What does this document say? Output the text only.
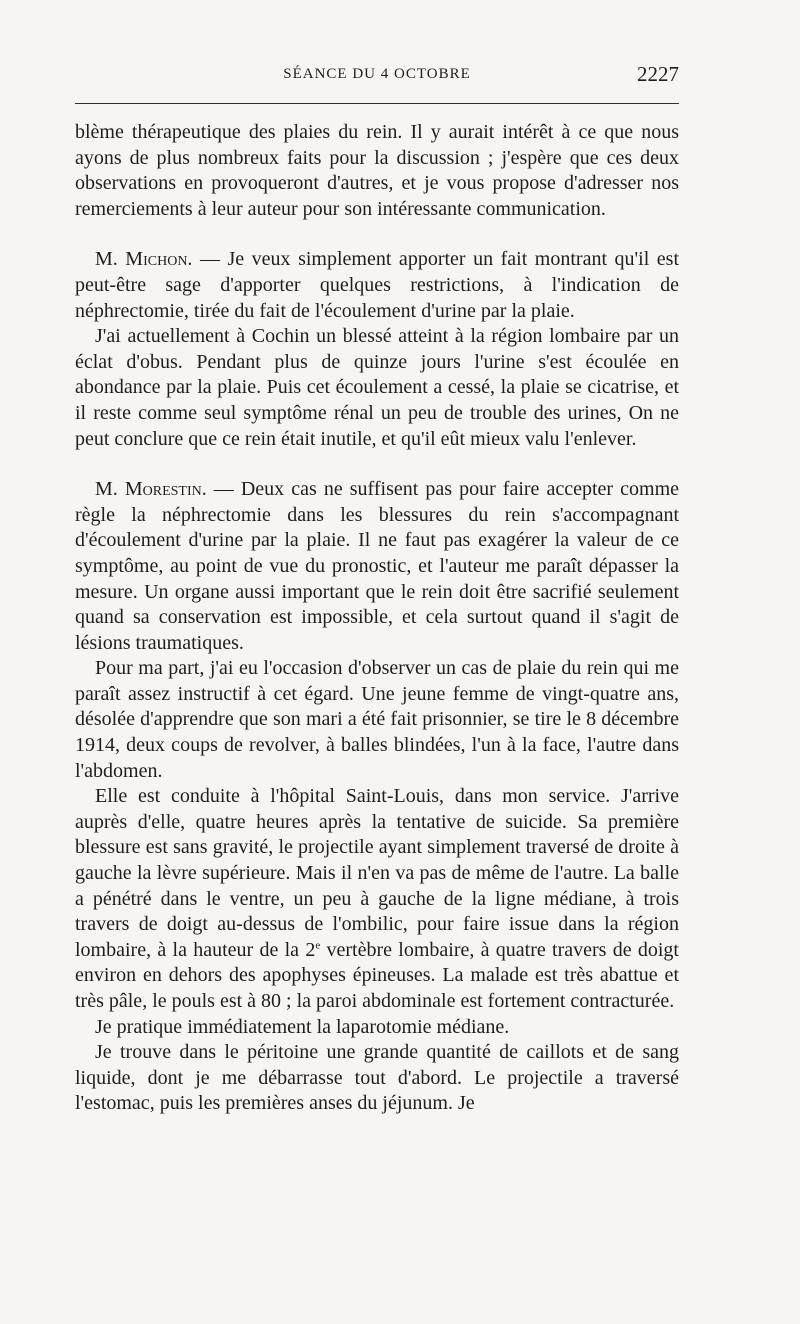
SÉANCE DU 4 OCTOBRE	2227

blème thérapeutique des plaies du rein. Il y aurait intérêt à ce que nous ayons de plus nombreux faits pour la discussion ; j'espère que ces deux observations en provoqueront d'autres, et je vous propose d'adresser nos remerciements à leur auteur pour son intéressante communication.

M. Michon. — Je veux simplement apporter un fait montrant qu'il est peut-être sage d'apporter quelques restrictions, à l'indication de néphrectomie, tirée du fait de l'écoulement d'urine par la plaie.

J'ai actuellement à Cochin un blessé atteint à la région lombaire par un éclat d'obus. Pendant plus de quinze jours l'urine s'est écoulée en abondance par la plaie. Puis cet écoulement a cessé, la plaie se cicatrise, et il reste comme seul symptôme rénal un peu de trouble des urines, On ne peut conclure que ce rein était inutile, et qu'il eût mieux valu l'enlever.

M. Morestin. — Deux cas ne suffisent pas pour faire accepter comme règle la néphrectomie dans les blessures du rein s'accompagnant d'écoulement d'urine par la plaie. Il ne faut pas exagérer la valeur de ce symptôme, au point de vue du pronostic, et l'auteur me paraît dépasser la mesure. Un organe aussi important que le rein doit être sacrifié seulement quand sa conservation est impossible, et cela surtout quand il s'agit de lésions traumatiques.

Pour ma part, j'ai eu l'occasion d'observer un cas de plaie du rein qui me paraît assez instructif à cet égard. Une jeune femme de vingt-quatre ans, désolée d'apprendre que son mari a été fait prisonnier, se tire le 8 décembre 1914, deux coups de revolver, à balles blindées, l'un à la face, l'autre dans l'abdomen.

Elle est conduite à l'hôpital Saint-Louis, dans mon service. J'arrive auprès d'elle, quatre heures après la tentative de suicide. Sa première blessure est sans gravité, le projectile ayant simplement traversé de droite à gauche la lèvre supérieure. Mais il n'en va pas de même de l'autre. La balle a pénétré dans le ventre, un peu à gauche de la ligne médiane, à trois travers de doigt au-dessus de l'ombilic, pour faire issue dans la région lombaire, à la hauteur de la 2e vertèbre lombaire, à quatre travers de doigt environ en dehors des apophyses épineuses. La malade est très abattue et très pâle, le pouls est à 80 ; la paroi abdominale est fortement contracturée.

Je pratique immédiatement la laparotomie médiane.

Je trouve dans le péritoine une grande quantité de caillots et de sang liquide, dont je me débarrasse tout d'abord. Le projectile a traversé l'estomac, puis les premières anses du jéjunum. Je
